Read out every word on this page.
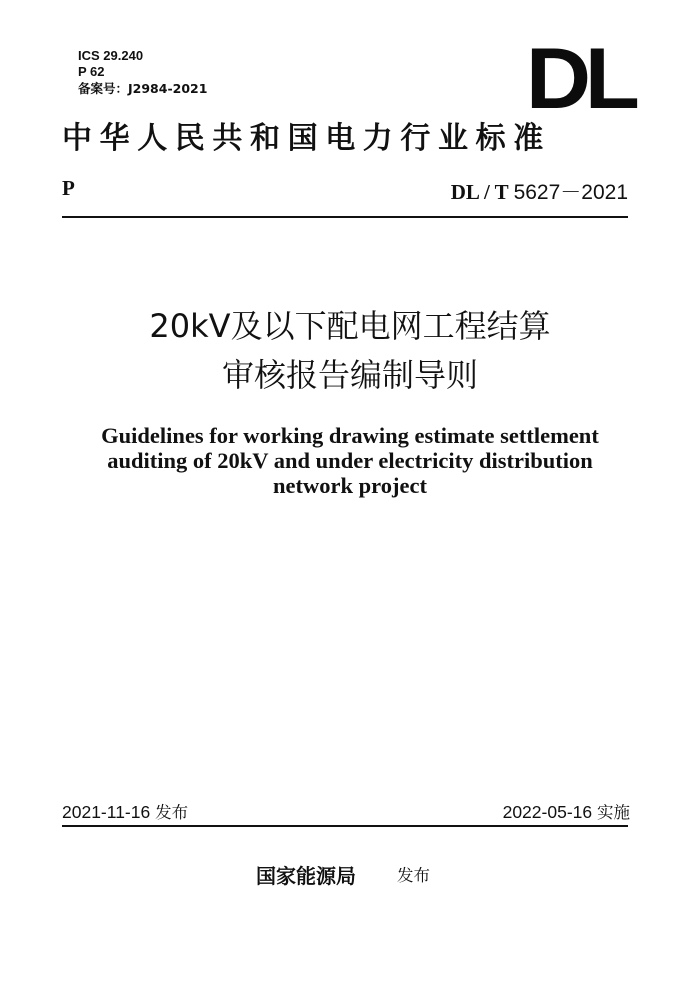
ICS 29.240
P 62
备案号：J2984-2021	DL
中华人民共和国电力行业标准
P	DL / T 5627－2021
20kV及以下配电网工程结算
审核报告编制导则
Guidelines for working drawing estimate settlement
auditing of 20kV and under electricity distribution
network project
2021-11-16 发布	2022-05-16 实施
国家能源局 发布
